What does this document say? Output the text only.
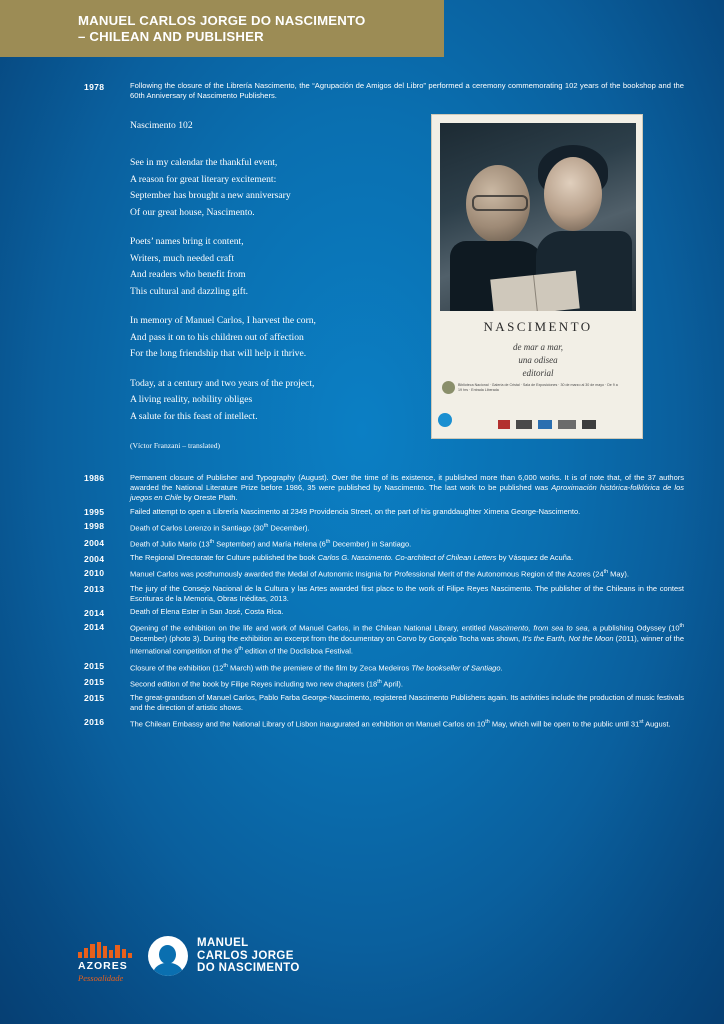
MANUEL CARLOS JORGE DO NASCIMENTO
– CHILEAN AND PUBLISHER
1978	Following the closure of the Librería Nascimento, the “Agrupación de Amigos del Libro” performed a ceremony commemorating 102 years of the bookshop and the 60th Anniversary of Nascimento Publishers.
NASCIMENTO
de mar a mar,
una odisea
editorial
Biblioteca Nacional · Galería de Cristal · Sala de Exposiciones · 30 de marzo al 30 de mayo · De 9 a 19 hrs · Entrada Liberada
Nascimento 102
See in my calendar the thankful event,
A reason for great literary excitement:
September has brought a new anniversary
Of our great house, Nascimento.
Poets’ names bring it content,
Writers, much needed craft
And readers who benefit from
This cultural and dazzling gift.
In memory of Manuel Carlos, I harvest the corn,
And pass it on to his children out of affection
For the long friendship that will help it thrive.
Today, at a century and two years of the project,
A living reality, nobility obliges
A salute for this feast of intellect.
(Víctor Franzani – translated)
1986	Permanent closure of Publisher and Typography (August). Over the time of its existence, it published more than 6,000 works. It is of note that, of the 37 authors awarded the National Literature Prize before 1986, 35 were published by Nascimento. The last work to be published was Aproximación histórica-folklórica de los juegos en Chile by Oreste Plath.
1995	Failed attempt to open a Librería Nascimento at 2349 Providencia Street, on the part of his granddaughter Ximena George-Nascimento.
1998	Death of Carlos Lorenzo in Santiago (30th December).
2004	Death of Julio Mario (13th September) and María Helena (6th December) in Santiago.
2004	The Regional Directorate for Culture published the book Carlos G. Nascimento. Co-architect of Chilean Letters by Vásquez de Acuña.
2010	Manuel Carlos was posthumously awarded the Medal of Autonomic Insignia for Professional Merit of the Autonomous Region of the Azores (24th May).
2013	The jury of the Consejo Nacional de la Cultura y las Artes awarded first place to the work of Filipe Reyes Nascimento. The publisher of the Chileans in the contest Escrituras de la Memoria, Obras Inéditas, 2013.
2014	Death of Elena Ester in San José, Costa Rica.
2014	Opening of the exhibition on the life and work of Manuel Carlos, in the Chilean National Library, entitled Nascimento, from sea to sea, a publishing Odyssey (10th December) (photo 3). During the exhibition an excerpt from the documentary on Corvo by Gonçalo Tocha was shown, It’s the Earth, Not the Moon (2011), winner of the international competition of the 9th edition of the Doclisboa Festival.
2015	Closure of the exhibition (12th March) with the premiere of the film by Zeca Medeiros The bookseller of Santiago.
2015	Second edition of the book by Filipe Reyes including two new chapters (18th April).
2015	The great-grandson of Manuel Carlos, Pablo Farba George-Nascimento, registered Nascimento Publishers again. Its activities include the production of music festivals and the direction of artistic shows.
2016	The Chilean Embassy and the National Library of Lisbon inaugurated an exhibition on Manuel Carlos on 10th May, which will be open to the public until 31st August.
AZORES
Pessoalidade
MANUEL
CARLOS JORGE
DO NASCIMENTO
